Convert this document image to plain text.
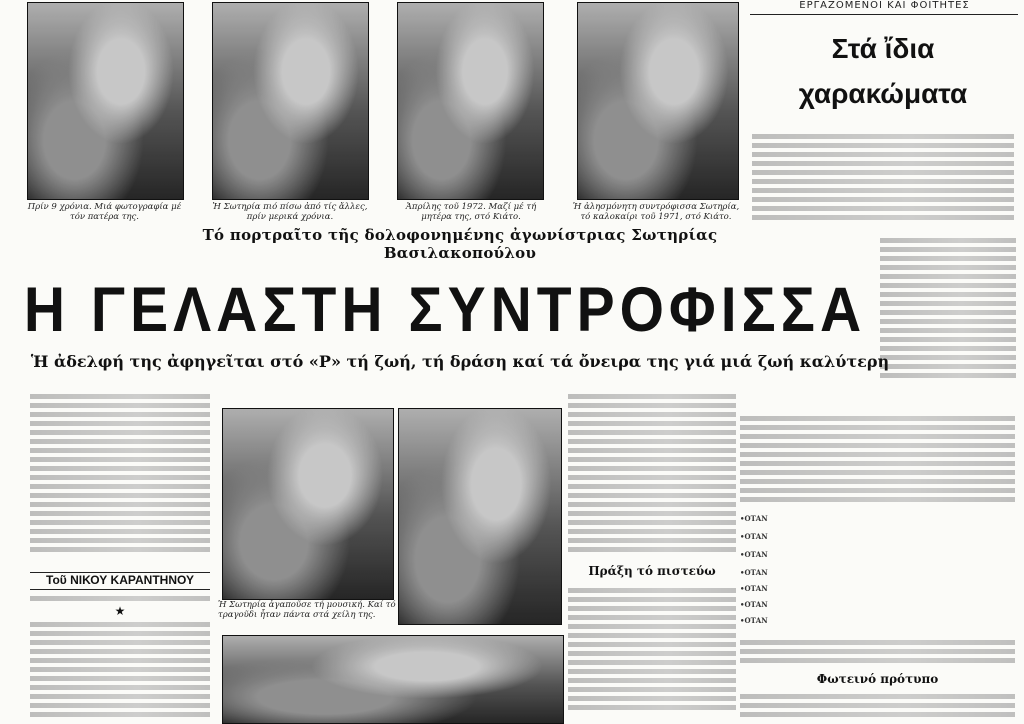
Πρίν 9 χρόνια. Μιά φωτογραφία μέ τόν πατέρα της.
Ἡ Σωτηρία πιό πίσω ἀπό τίς ἄλλες, πρίν μερικά χρόνια.
Ἀπρίλης τοῦ 1972. Μαζί μέ τή μητέρα της, στό Κιάτο.
Ἡ ἀλησμόνητη συντρόφισσα Σωτηρία, τό καλοκαίρι τοῦ 1971, στό Κιάτο.
ΕΡΓΑΖΟΜΕΝΟΙ ΚΑΙ ΦΟΙΤΗΤΕΣ
Στά ἴδια χαρακώματα
Τό πορτραῖτο τῆς δολοφονημένης ἀγωνίστριας Σωτηρίας Βασιλακοπούλου
Η ΓΕΛΑΣΤΗ ΣΥΝΤΡΟΦΙΣΣΑ
Ἡ ἀδελφή της ἀφηγεῖται στό «Ρ» τή ζωή, τή δράση καί τά ὄνειρα της γιά μιά ζωή καλύτερη
Τοῦ ΝΙΚΟΥ ΚΑΡΑΝΤΗΝΟΥ
★	Ἡ Σωτηρία ἀγαποῦσε τή μουσική. Καί τό τραγοῦδι ἦταν πάντα στά χείλη της.
Πράξη τό πιστεύω
•ΟΤΑΝ
•ΟΤΑΝ
•ΟΤΑΝ
•ΟΤΑΝ
•ΟΤΑΝ
•ΟΤΑΝ
•ΟΤΑΝ
Φωτεινό πρότυπο
